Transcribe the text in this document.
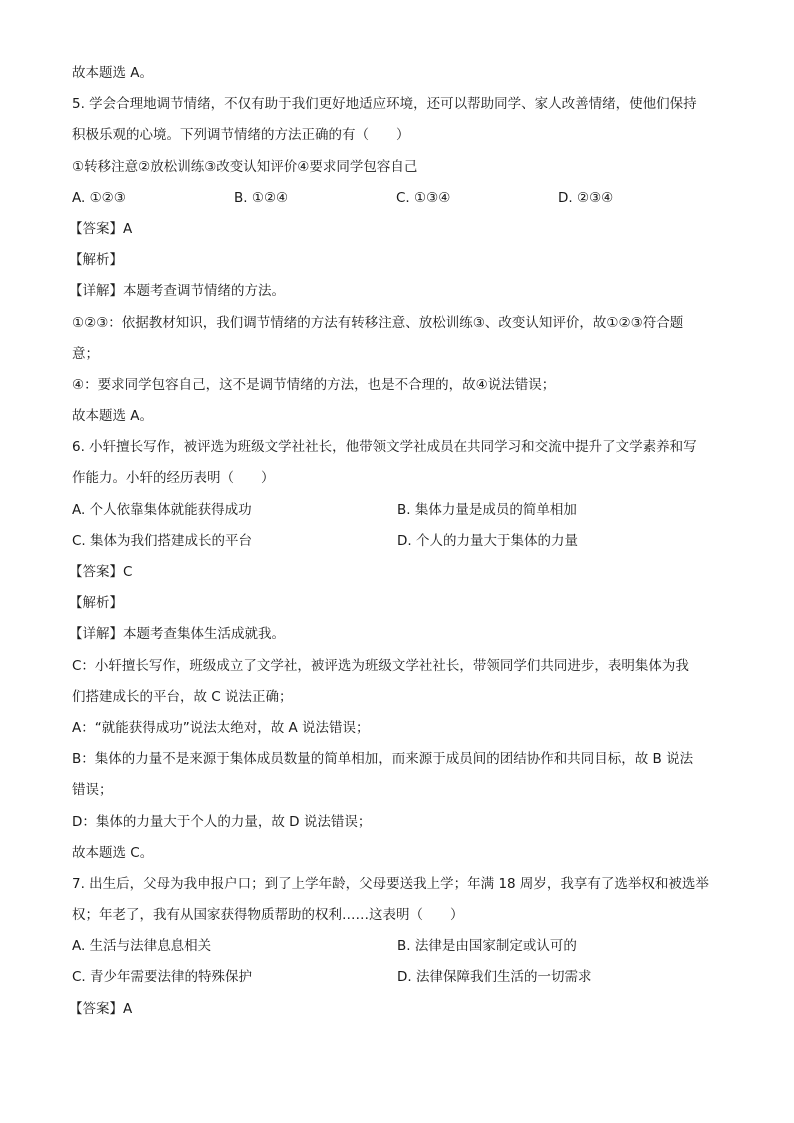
故本题选 A。
5. 学会合理地调节情绪，不仅有助于我们更好地适应环境，还可以帮助同学、家人改善情绪，使他们保持
积极乐观的心境。下列调节情绪的方法正确的有（　　）
①转移注意②放松训练③改变认知评价④要求同学包容自己
A. ①②③	B. ①②④	C. ①③④	D. ②③④
【答案】A
【解析】
【详解】本题考查调节情绪的方法。
①②③：依据教材知识，我们调节情绪的方法有转移注意、放松训练③、改变认知评价，故①②③符合题
意；
④：要求同学包容自己，这不是调节情绪的方法，也是不合理的，故④说法错误；
故本题选 A。
6. 小轩擅长写作，被评选为班级文学社社长，他带领文学社成员在共同学习和交流中提升了文学素养和写
作能力。小轩的经历表明（　　）
A. 个人依靠集体就能获得成功	B. 集体力量是成员的简单相加
C. 集体为我们搭建成长的平台	D. 个人的力量大于集体的力量
【答案】C
【解析】
【详解】本题考查集体生活成就我。
C：小轩擅长写作，班级成立了文学社，被评选为班级文学社社长，带领同学们共同进步，表明集体为我
们搭建成长的平台，故 C 说法正确；
A：“就能获得成功”说法太绝对，故 A 说法错误；
B：集体的力量不是来源于集体成员数量的简单相加，而来源于成员间的团结协作和共同目标，故 B 说法
错误；
D：集体的力量大于个人的力量，故 D 说法错误；
故本题选 C。
7. 出生后，父母为我申报户口；到了上学年龄，父母要送我上学；年满 18 周岁，我享有了选举权和被选举
权；年老了，我有从国家获得物质帮助的权利……这表明（　　）
A. 生活与法律息息相关	B. 法律是由国家制定或认可的
C. 青少年需要法律的特殊保护	D. 法律保障我们生活的一切需求
【答案】A
